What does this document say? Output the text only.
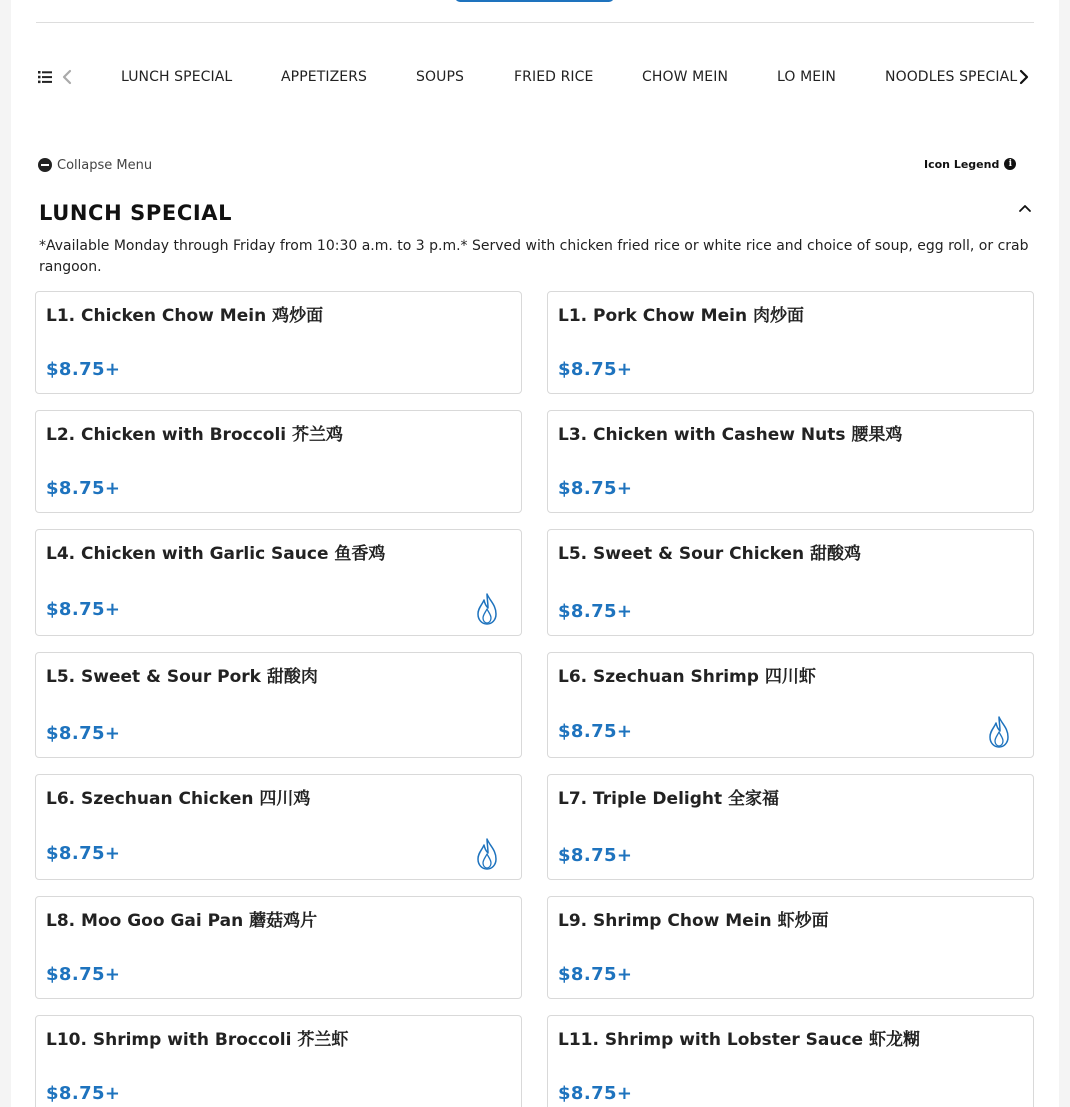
LUNCH SPECIAL	APPETIZERS	SOUPS	FRIED RICE	CHOW MEIN	LO MEIN	NOODLES SPECIAL
Collapse Menu	Icon Legend	i
LUNCH SPECIAL
*Available Monday through Friday from 10:30 a.m. to 3 p.m.* Served with chicken fried rice or white rice and choice of soup, egg roll, or crab rangoon.
L1. Chicken Chow Mein 鸡炒面
$8.75+
L1. Pork Chow Mein 肉炒面
$8.75+
L2. Chicken with Broccoli 芥兰鸡
$8.75+
L3. Chicken with Cashew Nuts 腰果鸡
$8.75+
L4. Chicken with Garlic Sauce 鱼香鸡
$8.75+
L5. Sweet & Sour Chicken 甜酸鸡
$8.75+
L5. Sweet & Sour Pork 甜酸肉
$8.75+
L6. Szechuan Shrimp 四川虾
$8.75+
L6. Szechuan Chicken 四川鸡
$8.75+
L7. Triple Delight 全家福
$8.75+
L8. Moo Goo Gai Pan 蘑菇鸡片
$8.75+
L9. Shrimp Chow Mein 虾炒面
$8.75+
L10. Shrimp with Broccoli 芥兰虾
$8.75+
L11. Shrimp with Lobster Sauce 虾龙糊
$8.75+
